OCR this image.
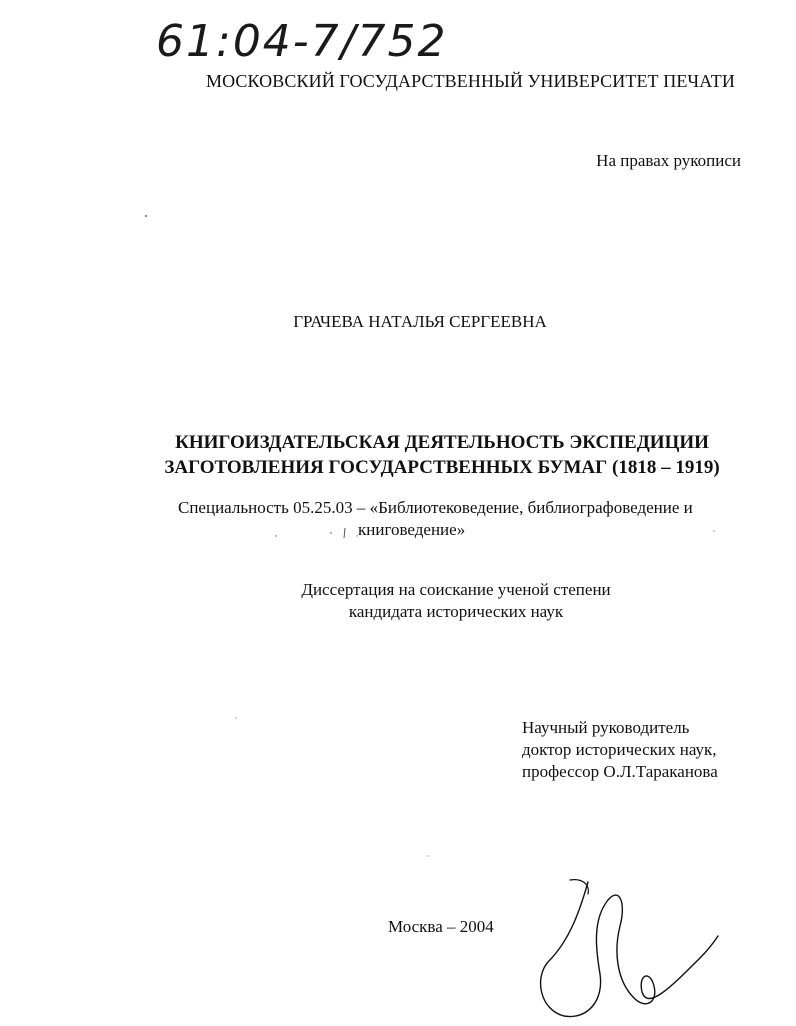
61:04-7/752
МОСКОВСКИЙ ГОСУДАРСТВЕННЫЙ УНИВЕРСИТЕТ ПЕЧАТИ
На правах рукописи
ГРАЧЕВА НАТАЛЬЯ СЕРГЕЕВНА
КНИГОИЗДАТЕЛЬСКАЯ ДЕЯТЕЛЬНОСТЬ ЭКСПЕДИЦИИ
ЗАГОТОВЛЕНИЯ ГОСУДАРСТВЕННЫХ БУМАГ (1818 – 1919)
Специальность 05.25.03 – «Библиотековедение, библиографоведение и
книговедение»
Диссертация на соискание ученой степени
кандидата исторических наук
Научный руководитель
доктор исторических наук,
профессор О.Л.Тараканова
Москва – 2004
